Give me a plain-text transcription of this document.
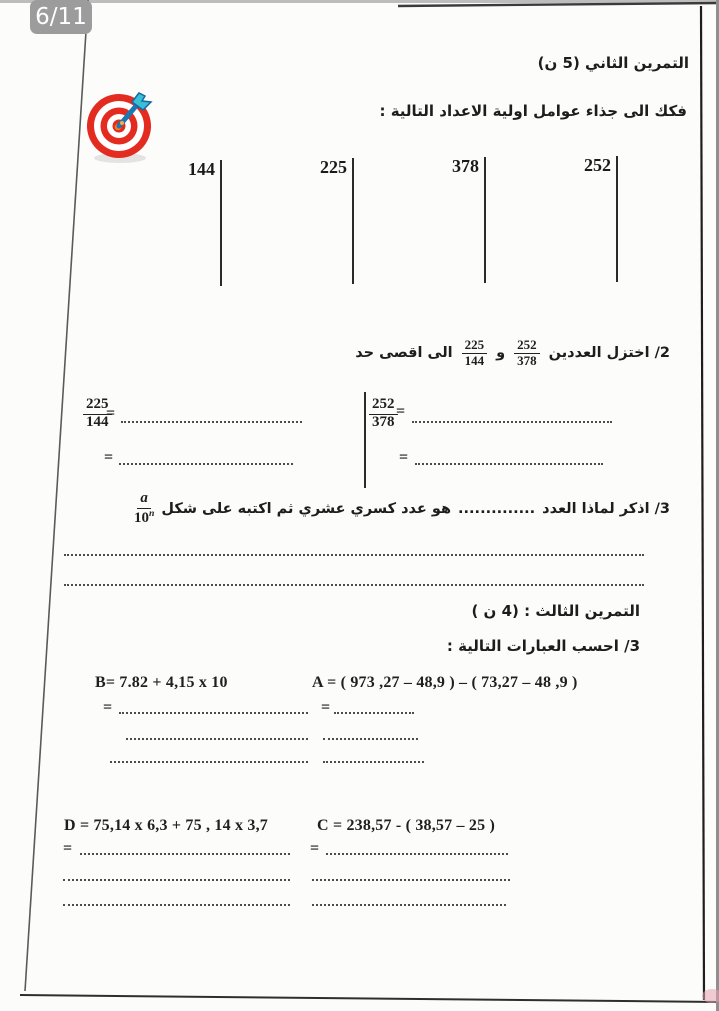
6/11
التمرين الثاني (5 ن)
فكك الى جذاء عوامل اولية الاعداد التالية :
144	225	378	252
2/ اختزل العددين
$\frac{252}{378}$
و
$\frac{225}{144}$
الى اقصى حد
$\frac{225}{144}$
=
=
$\frac{252}{378}$
=
=
3/ اذكر لماذا العدد
..............
هو عدد كسري عشري ثم اكتبه على شكل
$\frac{a}{10^n}$
التمرين الثالث : (4 ن )
3/ احسب العبارات التالية :
B= 7.82 + 4,15 x 10
=
A = ( 973 ,27 – 48,9 ) – ( 73,27 – 48 ,9 )
=
D = 75,14 x 6,3 + 75 , 14 x 3,7
=
C = 238,57 - ( 38,57 – 25 )
=
